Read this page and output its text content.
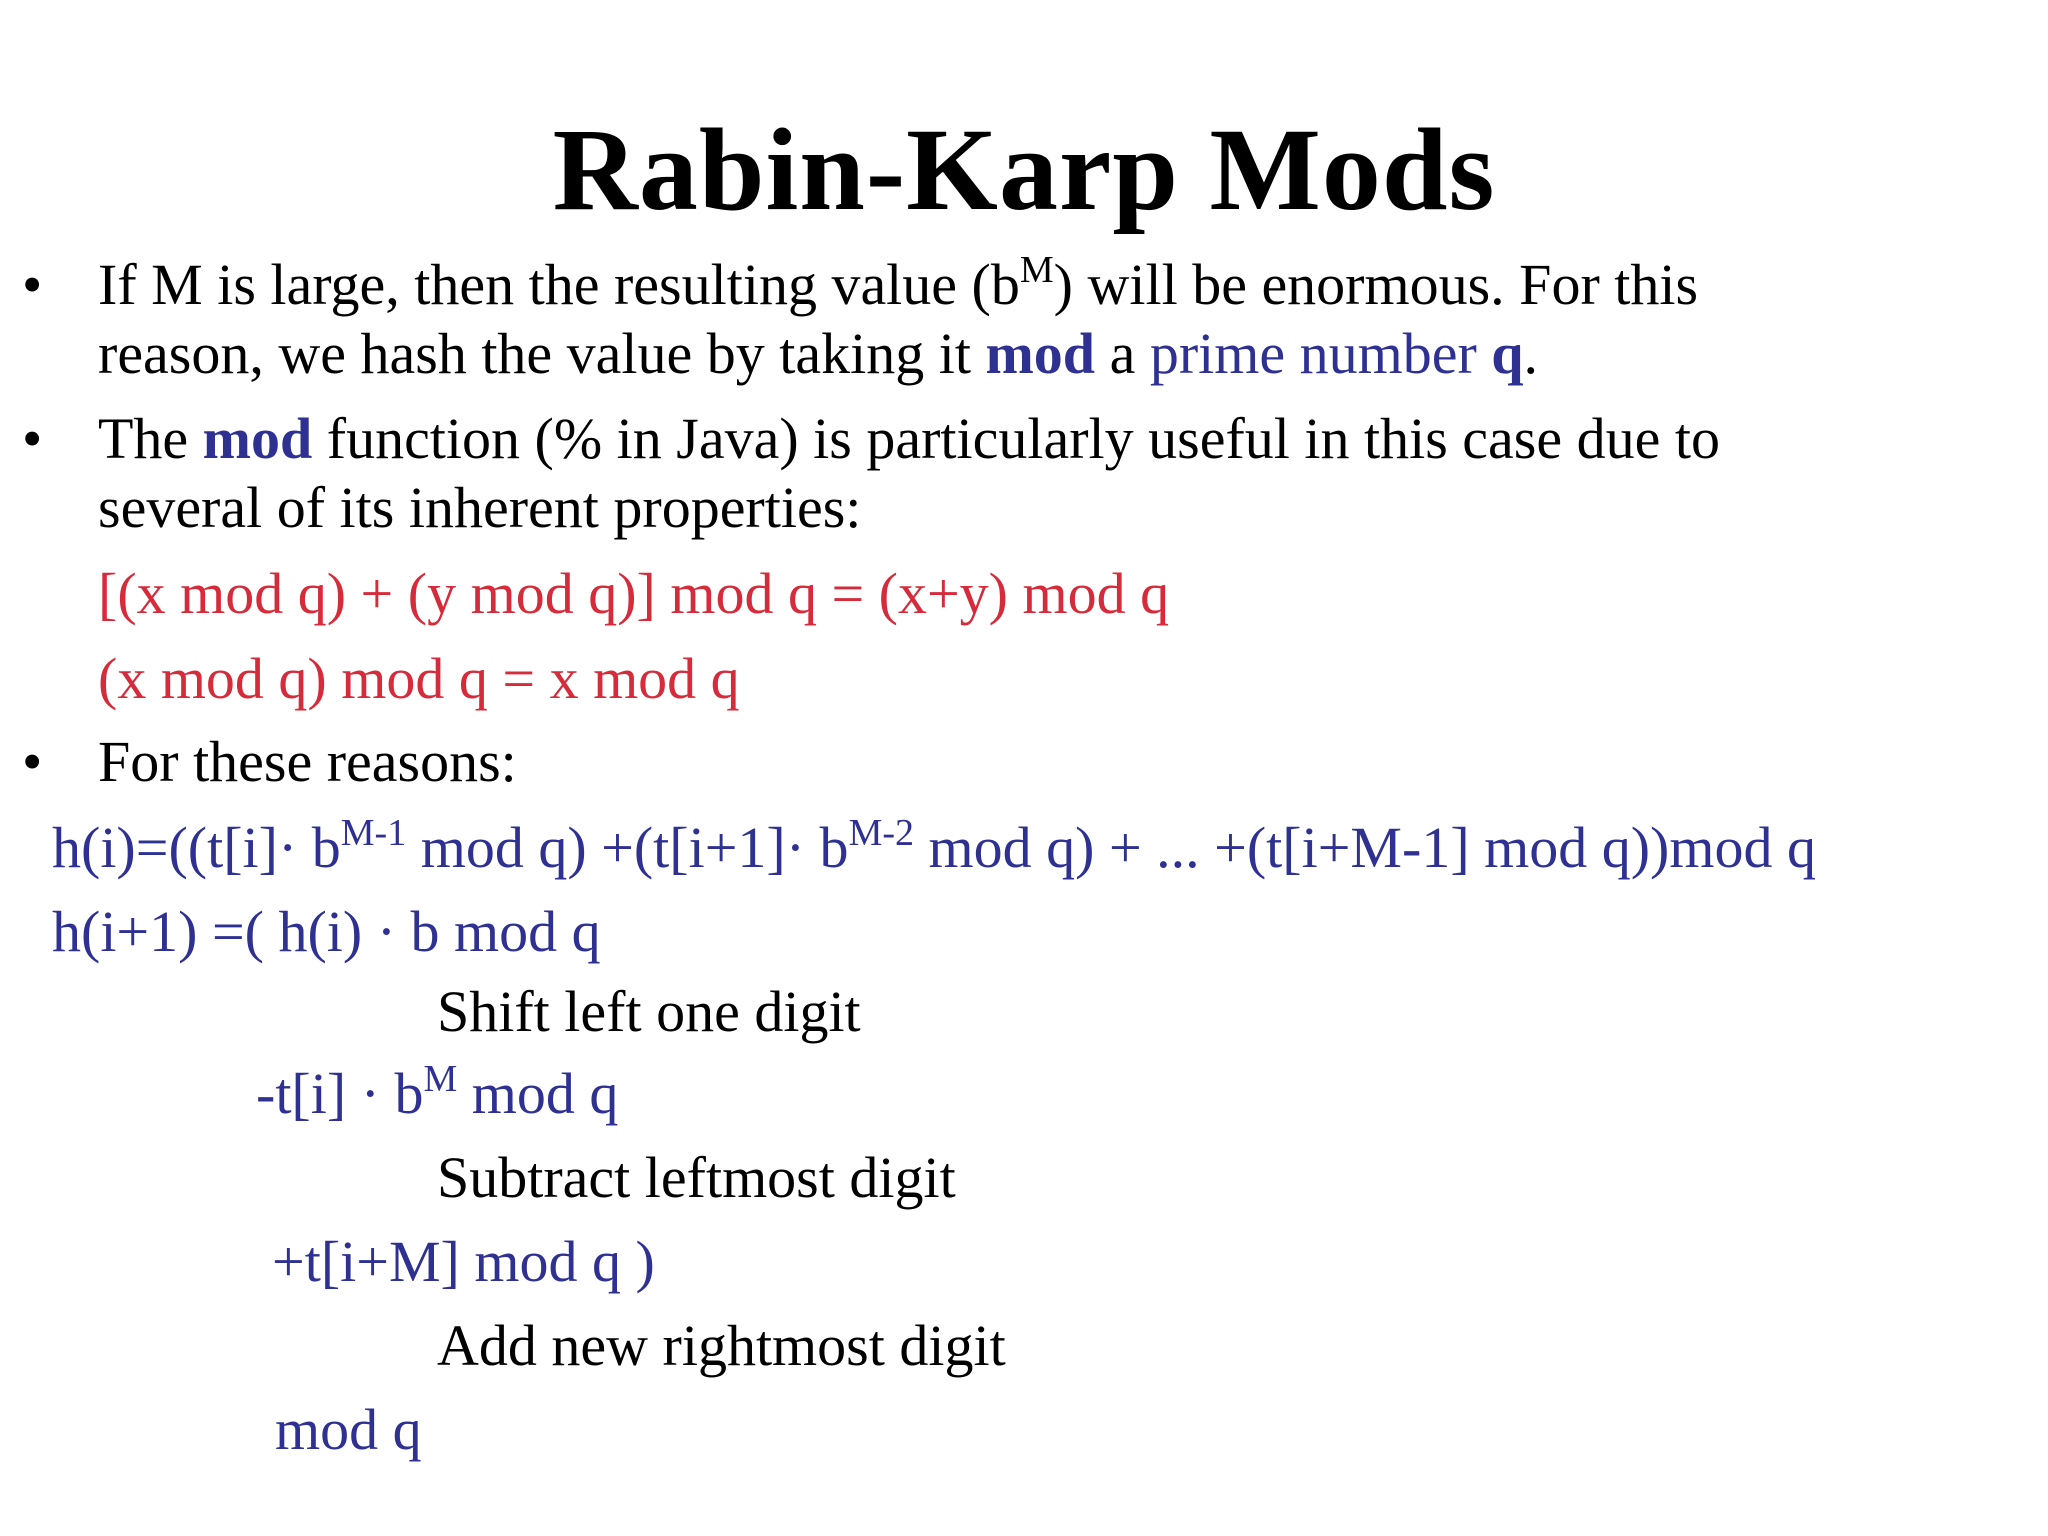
Rabin-Karp Mods
• If M is large, then the resulting value $(b^M)$ will be enormous. For this
reason, we hash the value by taking it mod a prime number q.
• The mod function (% in Java) is particularly useful in this case due to
several of its inherent properties:
[(x mod q) + (y mod q)] mod q = (x+y) mod q
(x mod q) mod q = x mod q
• For these reasons:
$h(i)=((t[i]\cdot b^{M-1}$ mod $q) +(t[i+1]\cdot b^{M-2}$ mod q) + ... +(t[i+M-1] mod q))mod q
h(i+1) =( h(i) · b mod q
Shift left one digit
$-t[i] \cdot b^M$ mod q
Subtract leftmost digit
+t[i+M] mod q )
Add new rightmost digit
mod q
